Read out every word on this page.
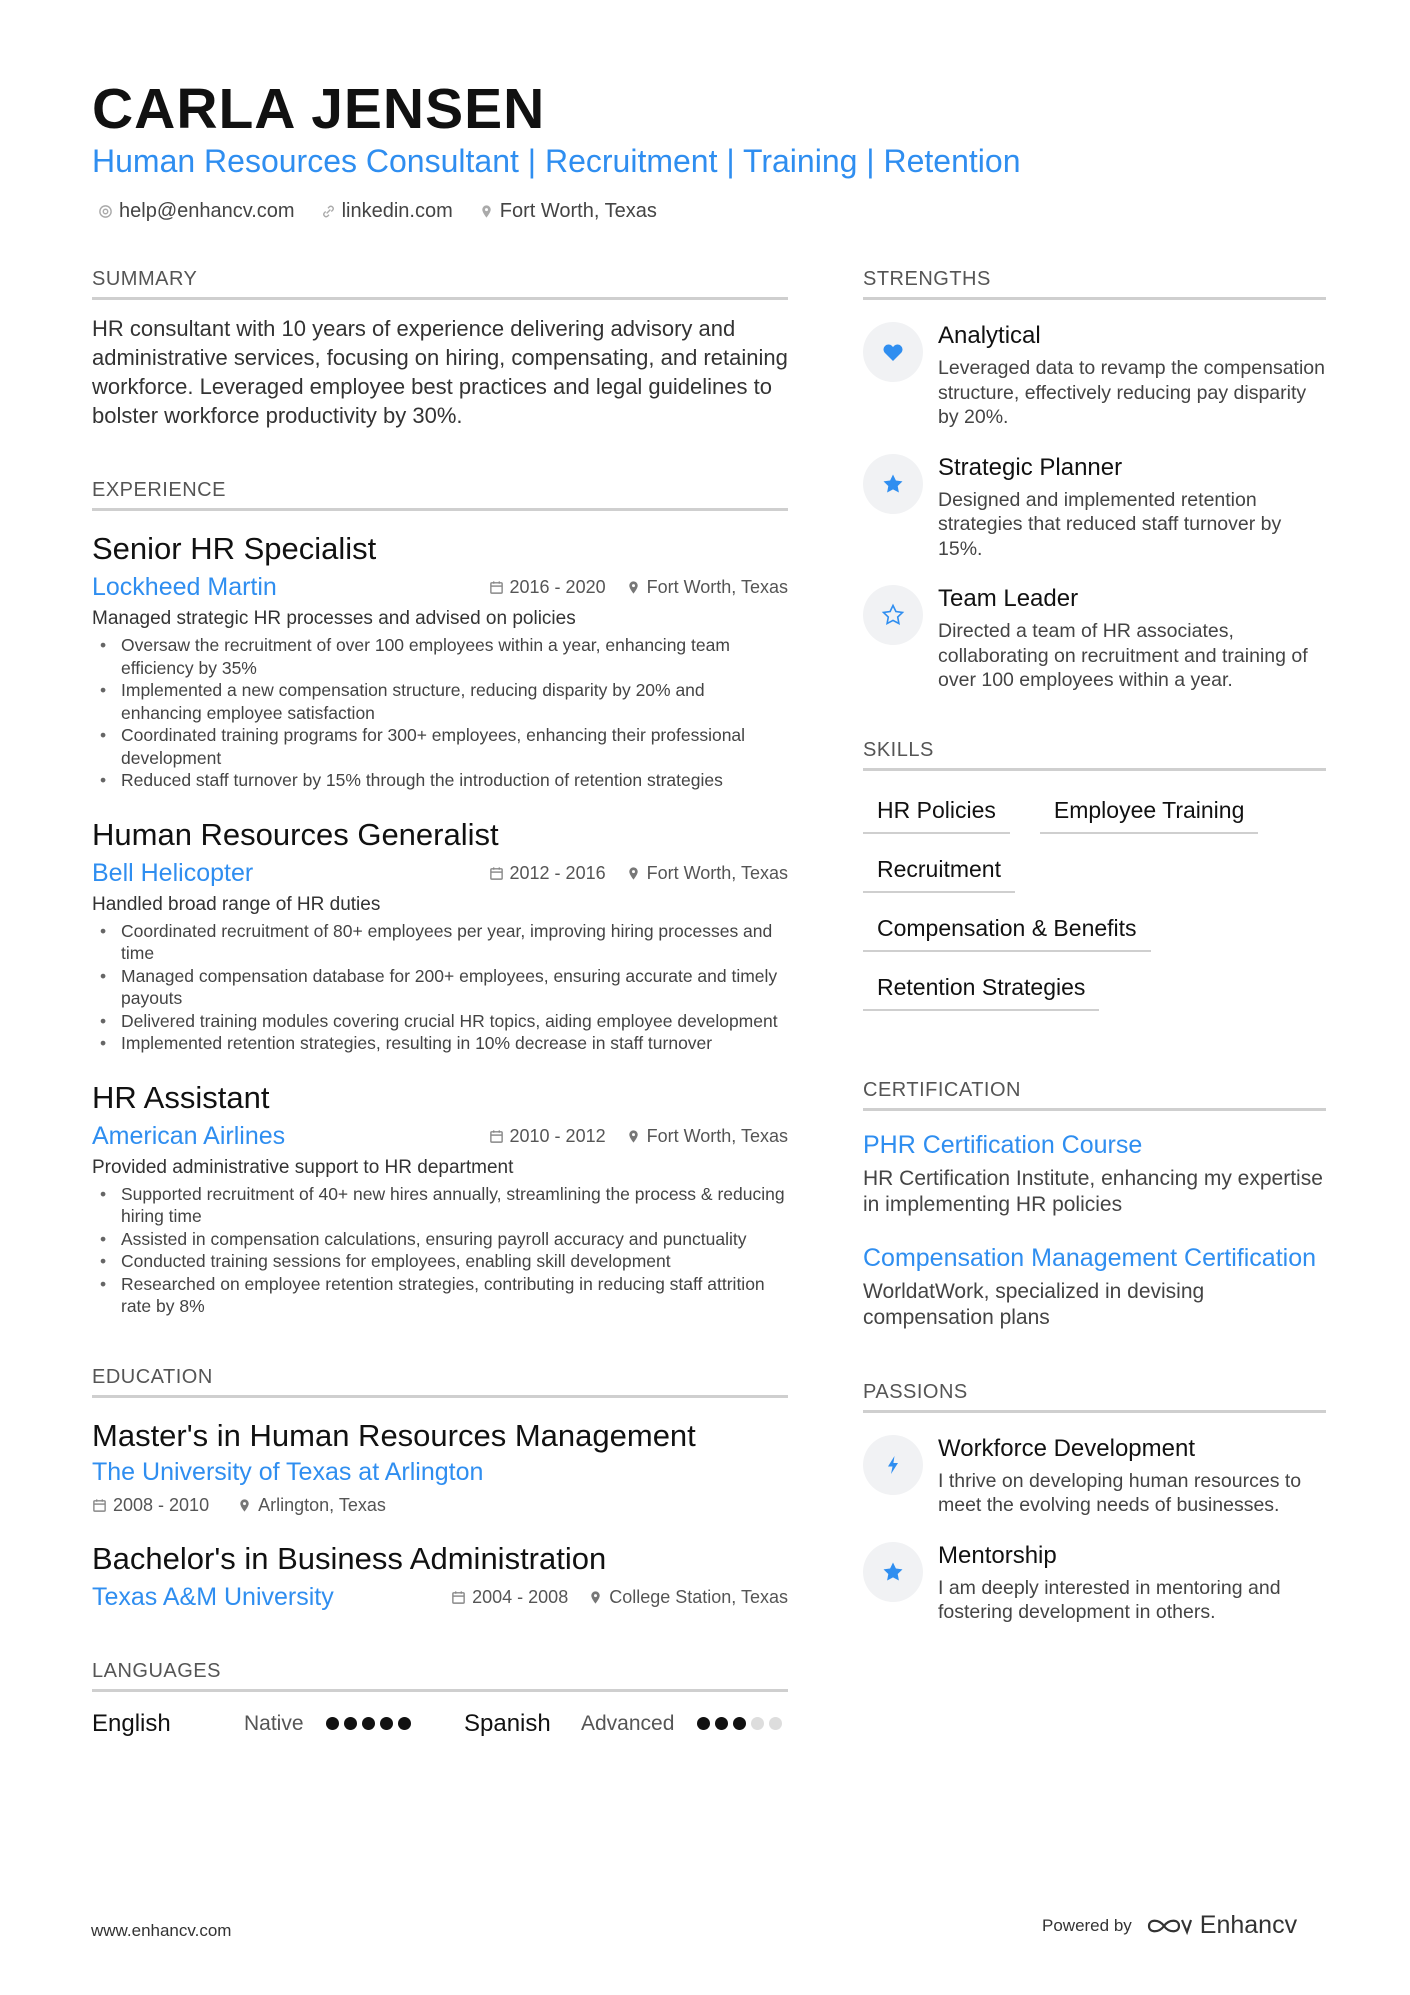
CARLA JENSEN
Human Resources Consultant | Recruitment | Training | Retention
help@enhancv.com linkedin.com Fort Worth, Texas
SUMMARY
HR consultant with 10 years of experience delivering advisory and administrative services, focusing on hiring, compensating, and retaining workforce. Leveraged employee best practices and legal guidelines to bolster workforce productivity by 30%.
EXPERIENCE
Senior HR Specialist
Lockheed Martin	2016 - 2020 Fort Worth, Texas
Managed strategic HR processes and advised on policies
• Oversaw the recruitment of over 100 employees within a year, enhancing team efficiency by 35%
• Implemented a new compensation structure, reducing disparity by 20% and enhancing employee satisfaction
• Coordinated training programs for 300+ employees, enhancing their professional development
• Reduced staff turnover by 15% through the introduction of retention strategies
Human Resources Generalist
Bell Helicopter	2012 - 2016 Fort Worth, Texas
Handled broad range of HR duties
• Coordinated recruitment of 80+ employees per year, improving hiring processes and time
• Managed compensation database for 200+ employees, ensuring accurate and timely payouts
• Delivered training modules covering crucial HR topics, aiding employee development
• Implemented retention strategies, resulting in 10% decrease in staff turnover
HR Assistant
American Airlines	2010 - 2012 Fort Worth, Texas
Provided administrative support to HR department
• Supported recruitment of 40+ new hires annually, streamlining the process & reducing hiring time
• Assisted in compensation calculations, ensuring payroll accuracy and punctuality
• Conducted training sessions for employees, enabling skill development
• Researched on employee retention strategies, contributing in reducing staff attrition rate by 8%
EDUCATION
Master's in Human Resources Management
The University of Texas at Arlington
2008 - 2010	Arlington, Texas
Bachelor's in Business Administration
Texas A&M University	2004 - 2008 College Station, Texas
LANGUAGES
English	Native	Spanish	Advanced
STRENGTHS
Analytical
Leveraged data to revamp the compensation structure, effectively reducing pay disparity by 20%.
Strategic Planner
Designed and implemented retention strategies that reduced staff turnover by 15%.
Team Leader
Directed a team of HR associates, collaborating on recruitment and training of over 100 employees within a year.
SKILLS
HR Policies	Employee Training
Recruitment
Compensation & Benefits
Retention Strategies
CERTIFICATION
PHR Certification Course
HR Certification Institute, enhancing my expertise in implementing HR policies
Compensation Management Certification
WorldatWork, specialized in devising compensation plans
PASSIONS
Workforce Development
I thrive on developing human resources to meet the evolving needs of businesses.
Mentorship
I am deeply interested in mentoring and fostering development in others.
www.enhancv.com	Powered by	Enhancv
